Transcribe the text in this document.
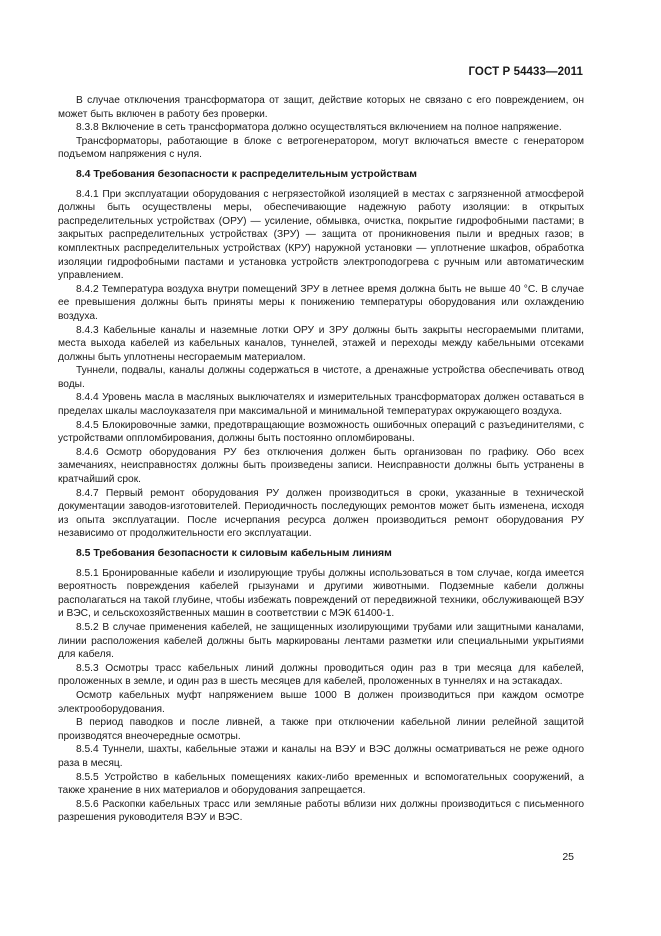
ГОСТ Р 54433—2011

В случае отключения трансформатора от защит, действие которых не связано с его повреждением, он может быть включен в работу без проверки.

8.3.8 Включение в сеть трансформатора должно осуществляться включением на полное напряжение.

Трансформаторы, работающие в блоке с ветрогенератором, могут включаться вместе с генератором подъемом напряжения с нуля.

8.4 Требования безопасности к распределительным устройствам

8.4.1 При эксплуатации оборудования с негрязестойкой изоляцией в местах с загрязненной атмосферой должны быть осуществлены меры, обеспечивающие надежную работу изоляции: в открытых распределительных устройствах (ОРУ) — усиление, обмывка, очистка, покрытие гидрофобными пастами; в закрытых распределительных устройствах (ЗРУ) — защита от проникновения пыли и вредных газов; в комплектных распределительных устройствах (КРУ) наружной установки — уплотнение шкафов, обработка изоляции гидрофобными пастами и установка устройств электроподогрева с ручным или автоматическим управлением.

8.4.2 Температура воздуха внутри помещений ЗРУ в летнее время должна быть не выше 40 °С. В случае ее превышения должны быть приняты меры к понижению температуры оборудования или охлаждению воздуха.

8.4.3 Кабельные каналы и наземные лотки ОРУ и ЗРУ должны быть закрыты несгораемыми плитами, места выхода кабелей из кабельных каналов, туннелей, этажей и переходы между кабельными отсеками должны быть уплотнены несгораемым материалом.

Туннели, подвалы, каналы должны содержаться в чистоте, а дренажные устройства обеспечивать отвод воды.

8.4.4 Уровень масла в масляных выключателях и измерительных трансформаторах должен оставаться в пределах шкалы маслоуказателя при максимальной и минимальной температурах окружающего воздуха.

8.4.5 Блокировочные замки, предотвращающие возможность ошибочных операций с разъединителями, с устройствами оппломбирования, должны быть постоянно опломбированы.

8.4.6 Осмотр оборудования РУ без отключения должен быть организован по графику. Обо всех замечаниях, неисправностях должны быть произведены записи. Неисправности должны быть устранены в кратчайший срок.

8.4.7 Первый ремонт оборудования РУ должен производиться в сроки, указанные в технической документации заводов-изготовителей. Периодичность последующих ремонтов может быть изменена, исходя из опыта эксплуатации. После исчерпания ресурса должен производиться ремонт оборудования РУ независимо от продолжительности его эксплуатации.

8.5 Требования безопасности к силовым кабельным линиям

8.5.1 Бронированные кабели и изолирующие трубы должны использоваться в том случае, когда имеется вероятность повреждения кабелей грызунами и другими животными. Подземные кабели должны располагаться на такой глубине, чтобы избежать повреждений от передвижной техники, обслуживающей ВЭУ и ВЭС, и сельскохозяйственных машин в соответствии с МЭК 61400-1.

8.5.2 В случае применения кабелей, не защищенных изолирующими трубами или защитными каналами, линии расположения кабелей должны быть маркированы лентами разметки или специальными укрытиями для кабеля.

8.5.3 Осмотры трасс кабельных линий должны проводиться один раз в три месяца для кабелей, проложенных в земле, и один раз в шесть месяцев для кабелей, проложенных в туннелях и на эстакадах.

Осмотр кабельных муфт напряжением выше 1000 В должен производиться при каждом осмотре электрооборудования.

В период паводков и после ливней, а также при отключении кабельной линии релейной защитой производятся внеочередные осмотры.

8.5.4 Туннели, шахты, кабельные этажи и каналы на ВЭУ и ВЭС должны осматриваться не реже одного раза в месяц.

8.5.5 Устройство в кабельных помещениях каких-либо временных и вспомогательных сооружений, а также хранение в них материалов и оборудования запрещается.

8.5.6 Раскопки кабельных трасс или земляные работы вблизи них должны производиться с письменного разрешения руководителя ВЭУ и ВЭС.

25
